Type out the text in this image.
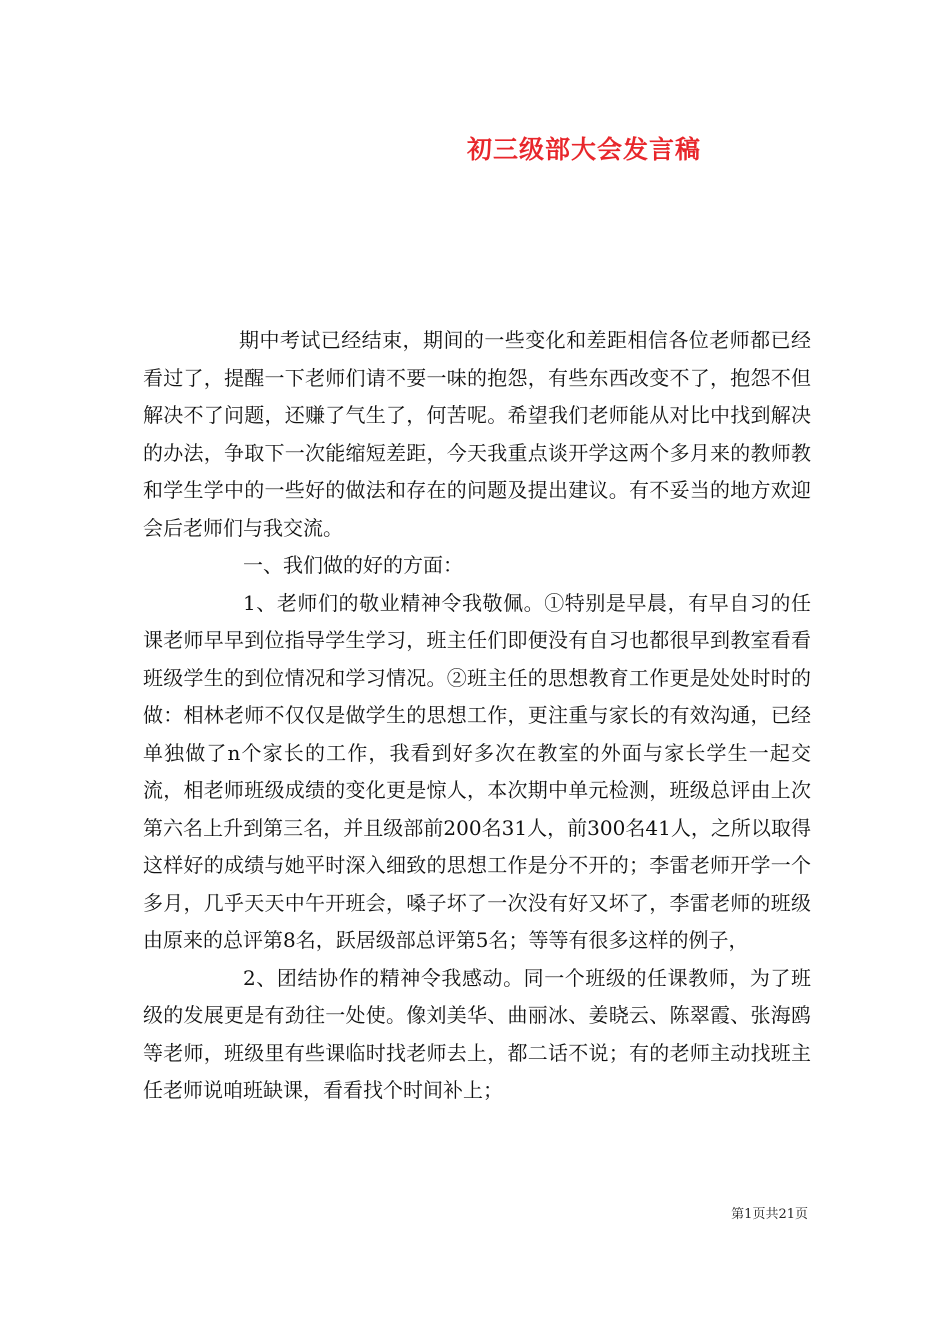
初三级部大会发言稿

期中考试已经结束，期间的一些变化和差距相信各位老师都已经看过了，提醒一下老师们请不要一味的抱怨，有些东西改变不了，抱怨不但解决不了问题，还赚了气生了，何苦呢。希望我们老师能从对比中找到解决的办法，争取下一次能缩短差距，今天我重点谈开学这两个多月来的教师教和学生学中的一些好的做法和存在的问题及提出建议。有不妥当的地方欢迎会后老师们与我交流。

一、我们做的好的方面：

1、老师们的敬业精神令我敬佩。①特别是早晨，有早自习的任课老师早早到位指导学生学习，班主任们即便没有自习也都很早到教室看看班级学生的到位情况和学习情况。②班主任的思想教育工作更是处处时时的做：相林老师不仅仅是做学生的思想工作，更注重与家长的有效沟通，已经单独做了n个家长的工作，我看到好多次在教室的外面与家长学生一起交流，相老师班级成绩的变化更是惊人，本次期中单元检测，班级总评由上次第六名上升到第三名，并且级部前200名31人，前300名41人，之所以取得这样好的成绩与她平时深入细致的思想工作是分不开的；李雷老师开学一个多月，几乎天天中午开班会，嗓子坏了一次没有好又坏了，李雷老师的班级由原来的总评第8名，跃居级部总评第5名；等等有很多这样的例子，

2、团结协作的精神令我感动。同一个班级的任课教师，为了班级的发展更是有劲往一处使。像刘美华、曲丽冰、姜晓云、陈翠霞、张海鸥等老师，班级里有些课临时找老师去上，都二话不说；有的老师主动找班主任老师说咱班缺课，看看找个时间补上；

第1页共21页
